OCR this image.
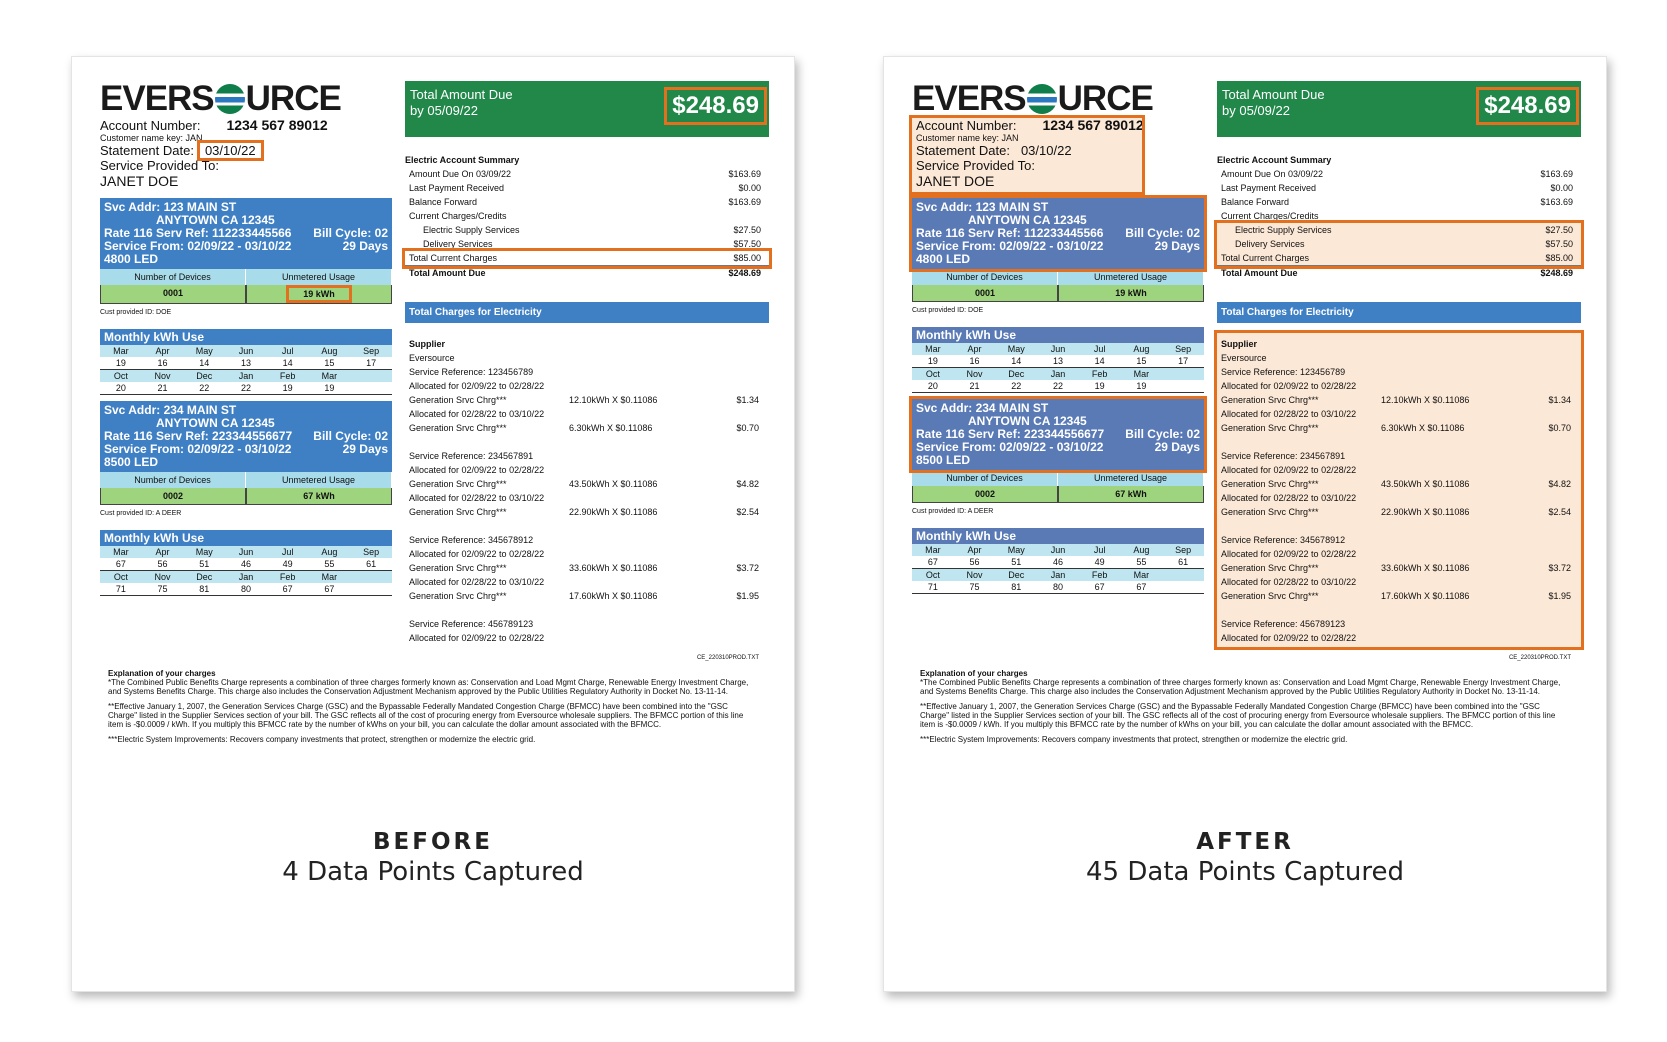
EVERS URCE
Account Number: 1234 567 89012
Customer name key: JAN
Statement Date: 03/10/22
Service Provided To:
JANET DOE
Svc Addr: 123 MAIN ST
ANYTOWN CA 12345
Rate 116 Serv Ref: 112233445566 Bill Cycle: 02
Service From: 02/09/22 - 03/10/22	29 Days
4800 LED
Number of Devices	Unmetered Usage
0001	19 kWh
Cust provided ID: DOE
Monthly kWh Use
Mar	Apr	May	Jun	Jul	Aug	Sep
19	16	14	13	14	15	17
Oct	Nov	Dec	Jan	Feb	Mar	
20	21	22	22	19	19	
Svc Addr: 234 MAIN ST
ANYTOWN CA 12345
Rate 116 Serv Ref: 223344556677 Bill Cycle: 02
Service From: 02/09/22 - 03/10/22	29 Days
8500 LED
Number of Devices	Unmetered Usage
0002	67 kWh
Cust provided ID: A DEER
Monthly kWh Use
Mar	Apr	May	Jun	Jul	Aug	Sep
67	56	51	46	49	55	61
Oct	Nov	Dec	Jan	Feb	Mar	
71	75	81	80	67	67	
Total Amount Due
by 05/09/22	$248.69
Electric Account Summary
Amount Due On 03/09/22	$163.69
Last Payment Received	$0.00
Balance Forward	$163.69
Current Charges/Credits
Electric Supply Services	$27.50
Delivery Services	$57.50
Total Current Charges	$85.00
Total Amount Due	$248.69
Total Charges for Electricity
Supplier
Eversource
Service Reference: 123456789
Allocated for 02/09/22 to 02/28/22
Generation Srvc Chrg***	12.10kWh X $0.11086	$1.34
Allocated for 02/28/22 to 03/10/22
Generation Srvc Chrg***	6.30kWh X $0.11086	$0.70
Service Reference: 234567891
Allocated for 02/09/22 to 02/28/22
Generation Srvc Chrg***	43.50kWh X $0.11086	$4.82
Allocated for 02/28/22 to 03/10/22
Generation Srvc Chrg***	22.90kWh X $0.11086	$2.54
Service Reference: 345678912
Allocated for 02/09/22 to 02/28/22
Generation Srvc Chrg***	33.60kWh X $0.11086	$3.72
Allocated for 02/28/22 to 03/10/22
Generation Srvc Chrg***	17.60kWh X $0.11086	$1.95
Service Reference: 456789123
Allocated for 02/09/22 to 02/28/22
CE_220310PROD.TXT
Explanation of your charges

*The Combined Public Benefits Charge represents a combination of three charges formerly known as: Conservation and Load Mgmt Charge, Renewable Energy Investment Charge, and Systems Benefits Charge. This charge also includes the Conservation Adjustment Mechanism approved by the Public Utilities Regulatory Authority in Docket No. 13-11-14.

**Effective January 1, 2007, the Generation Services Charge (GSC) and the Bypassable Federally Mandated Congestion Charge (BFMCC) have been combined into the "GSC Charge" listed in the Supplier Services section of your bill. The GSC reflects all of the cost of procuring energy from Eversource wholesale suppliers. The BFMCC portion of this line item is -$0.0009 / kWh. If you multiply this BFMCC rate by the number of kWhs on your bill, you can calculate the dollar amount associated with the BFMCC.

***Electric System Improvements: Recovers company investments that protect, strengthen or modernize the electric grid.

BEFORE
4 Data Points Captured
EVERS URCE
Account Number: 1234 567 89012
Customer name key: JAN
Statement Date: 03/10/22
Service Provided To:
JANET DOE
Svc Addr: 123 MAIN ST
ANYTOWN CA 12345
Rate 116 Serv Ref: 112233445566 Bill Cycle: 02
Service From: 02/09/22 - 03/10/22	29 Days
4800 LED
Number of Devices	Unmetered Usage
0001	19 kWh
Cust provided ID: DOE
Monthly kWh Use
Mar	Apr	May	Jun	Jul	Aug	Sep
19	16	14	13	14	15	17
Oct	Nov	Dec	Jan	Feb	Mar	
20	21	22	22	19	19	
Svc Addr: 234 MAIN ST
ANYTOWN CA 12345
Rate 116 Serv Ref: 223344556677 Bill Cycle: 02
Service From: 02/09/22 - 03/10/22	29 Days
8500 LED
Number of Devices	Unmetered Usage
0002	67 kWh
Cust provided ID: A DEER
Monthly kWh Use
Mar	Apr	May	Jun	Jul	Aug	Sep
67	56	51	46	49	55	61
Oct	Nov	Dec	Jan	Feb	Mar	
71	75	81	80	67	67	
Total Amount Due
by 05/09/22	$248.69
Electric Account Summary
Amount Due On 03/09/22	$163.69
Last Payment Received	$0.00
Balance Forward	$163.69
Current Charges/Credits
Electric Supply Services	$27.50
Delivery Services	$57.50
Total Current Charges	$85.00
Total Amount Due	$248.69
Total Charges for Electricity
Supplier
Eversource
Service Reference: 123456789
Allocated for 02/09/22 to 02/28/22
Generation Srvc Chrg***	12.10kWh X $0.11086	$1.34
Allocated for 02/28/22 to 03/10/22
Generation Srvc Chrg***	6.30kWh X $0.11086	$0.70
Service Reference: 234567891
Allocated for 02/09/22 to 02/28/22
Generation Srvc Chrg***	43.50kWh X $0.11086	$4.82
Allocated for 02/28/22 to 03/10/22
Generation Srvc Chrg***	22.90kWh X $0.11086	$2.54
Service Reference: 345678912
Allocated for 02/09/22 to 02/28/22
Generation Srvc Chrg***	33.60kWh X $0.11086	$3.72
Allocated for 02/28/22 to 03/10/22
Generation Srvc Chrg***	17.60kWh X $0.11086	$1.95
Service Reference: 456789123
Allocated for 02/09/22 to 02/28/22
CE_220310PROD.TXT
Explanation of your charges

*The Combined Public Benefits Charge represents a combination of three charges formerly known as: Conservation and Load Mgmt Charge, Renewable Energy Investment Charge, and Systems Benefits Charge. This charge also includes the Conservation Adjustment Mechanism approved by the Public Utilities Regulatory Authority in Docket No. 13-11-14.

**Effective January 1, 2007, the Generation Services Charge (GSC) and the Bypassable Federally Mandated Congestion Charge (BFMCC) have been combined into the "GSC Charge" listed in the Supplier Services section of your bill. The GSC reflects all of the cost of procuring energy from Eversource wholesale suppliers. The BFMCC portion of this line item is -$0.0009 / kWh. If you multiply this BFMCC rate by the number of kWhs on your bill, you can calculate the dollar amount associated with the BFMCC.

***Electric System Improvements: Recovers company investments that protect, strengthen or modernize the electric grid.

AFTER
45 Data Points Captured
